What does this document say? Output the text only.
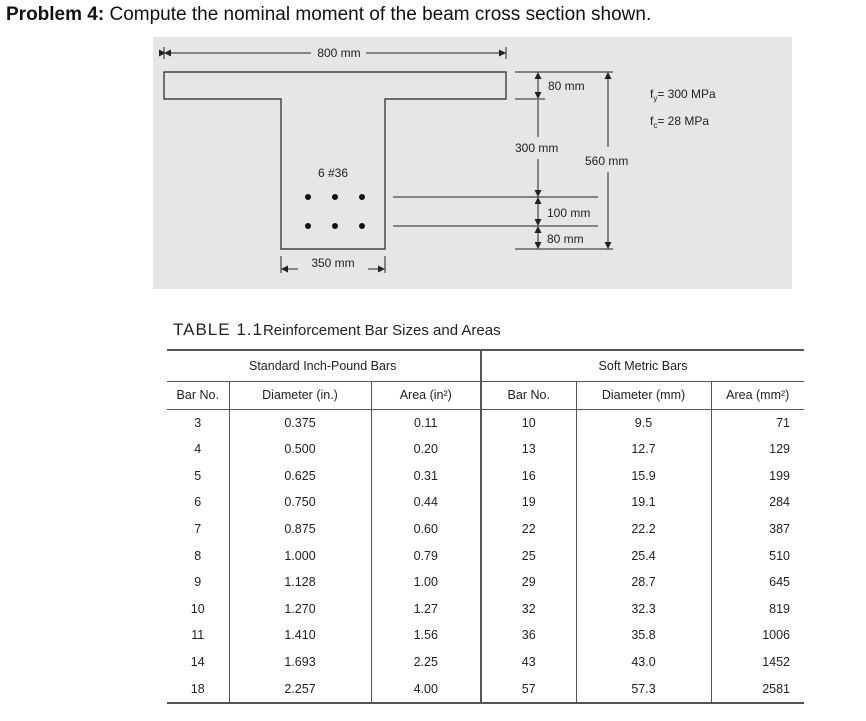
Problem 4: Compute the nominal moment of the beam cross section shown.
800 mm
80 mm
300 mm
100 mm
80 mm
560 mm
$f_y= 300$ MPa
$f_c= 28$ MPa
6 #36
350 mm
TABLE 1.1Reinforcement Bar Sizes and Areas
	Standard Inch-Pound Bars		Soft Metric Bars		
Bar No.	Diameter (in.)	Area (in²)	Bar No.	Diameter (mm)	Area (mm²)
3	0.375	0.11	10	9.5	71
4	0.500	0.20	13	12.7	129
5	0.625	0.31	16	15.9	199
6	0.750	0.44	19	19.1	284
7	0.875	0.60	22	22.2	387
8	1.000	0.79	25	25.4	510
9	1.128	1.00	29	28.7	645
10	1.270	1.27	32	32.3	819
11	1.410	1.56	36	35.8	1006
14	1.693	2.25	43	43.0	1452
18	2.257	4.00	57	57.3	2581
